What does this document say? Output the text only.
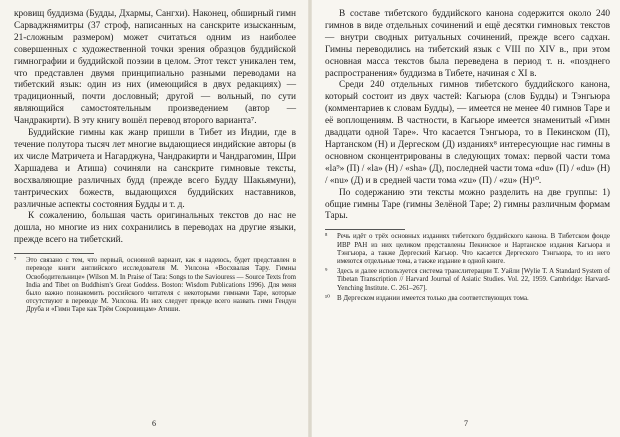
кровищ буддизма (Будды, Дхармы, Сангхи). Наконец, обширный гимн Сарваджнямитры (37 строф, написанных на санскрите изысканным, 21-сложным размером) может считаться одним из наиболее совершенных с художественной точки зрения образцов буддийской гимнографии и буддийской поэзии в целом. Этот текст уникален тем, что представлен двумя принципиально разными переводами на тибетский язык: один из них (имеющийся в двух редакциях) — традиционный, почти дословный; другой — вольный, по сути являющийся самостоятельным произведением (автор — Чандракирти). В эту книгу вошёл перевод второго варианта⁷.

Буддийские гимны как жанр пришли в Тибет из Индии, где в течение полутора тысяч лет многие выдающиеся индийские авторы (в их числе Матричета и Нагарджуна, Чандракирти и Чандрагомин, Шри Харшадева и Атиша) сочиняли на санскрите гимновые тексты, восхваляющие различных будд (прежде всего Будду Шакьямуни), тантрических божеств, выдающихся буддийских наставников, различные аспекты состояния Будды и т. д.

К сожалению, большая часть оригинальных текстов до нас не дошла, но многие из них сохранились в переводах на другие языки, прежде всего на тибетский.

⁷	Это связано с тем, что первый, основной вариант, как я надеюсь, будет представлен в переводе книги английского исследователя М. Уилсона «Восхвалая Тару. Гимны Освободительнице» (Wilson M. In Praise of Tara: Songs to the Saviouress — Source Texts from India and Tibet on Buddhism's Great Goddess. Boston: Wisdom Publications 1996). Для меня было важно познакомить российского читателя с некоторыми гимнами Таре, которые отсутствуют в переводе М. Уилсона. Из них следует прежде всего назвать гимн Гендун Друба и «Гимн Таре как Трём Сокровищам» Атиши.
6

В составе тибетского буддийского канона содержится около 240 гимнов в виде отдельных сочинений и ещё десятки гимновых текстов — внутри сводных ритуальных сочинений, прежде всего садхан. Гимны переводились на тибетский язык с VIII по XIV в., при этом основная масса текстов была переведена в период т. н. «позднего распространения» буддизма в Тибете, начиная с XI в.

Среди 240 отдельных гимнов тибетского буддийского канона, который состоит из двух частей: Кагьюра (слов Будды) и Тэнгьюра (комментариев к словам Будды), — имеется не менее 40 гимнов Таре и её воплощениям. В частности, в Кагьюре имеется знаменитый «Гимн двадцати одной Таре». Что касается Тэнгьюра, то в Пекинском (П), Нартанском (Н) и Дергеском (Д) изданиях⁸ интересующие нас гимны в основном сконцентрированы в следующих томах: первой части тома «la⁹» (П) / «la» (Н) / «sha» (Д), последней части тома «du» (П) / «du» (Н) / «nu» (Д) и в средней части тома «zu» (П) / «zu» (Н)¹⁰.

По содержанию эти тексты можно разделить на две группы: 1) общие гимны Таре (гимны Зелёной Таре; 2) гимны различным формам Тары.

⁸	Речь идёт о трёх основных изданиях тибетского буддийского канона. В Тибетском фонде ИВР РАН из них целиком представлены Пекинское и Нартанское издания Кагьюра и Тэнгьюра, а также Дергеский Кагьюр. Что касается Дергеского Тэнгьюра, то из него имеются отдельные тома, а также издание в одной книге.
⁹	Здесь и далее используется система транслитерации Т. Уайли [Wylie T. A Standard System of Tibetan Transcription // Harvard Journal of Asiatic Studies. Vol. 22, 1959. Cambridge: Harvard-Yenching Institute. С. 261–267].
¹⁰	В Дергеском издании имеется только два соответствующих тома.
7
